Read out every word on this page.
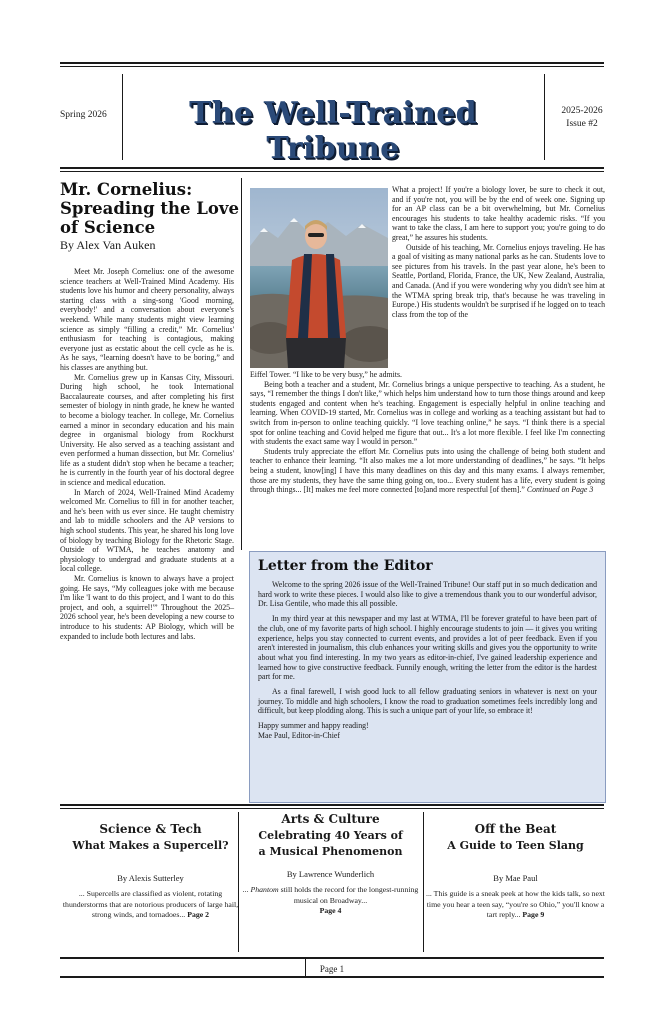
Spring 2026	The Well-Trained Tribune
2025-2026
Issue #2
Mr. Cornelius: Spreading the Love of Science
By Alex Van Auken

Meet Mr. Joseph Cornelius: one of the awesome science teachers at Well-Trained Mind Academy. His students love his humor and cheery personality, always starting class with a sing-song 'Good morning, everybody!' and a conversation about everyone's weekend. While many students might view learning science as simply “filling a credit,” Mr. Cornelius' enthusiasm for teaching is contagious, making everyone just as ecstatic about the cell cycle as he is. As he says, “learning doesn't have to be boring,” and his classes are anything but.

Mr. Cornelius grew up in Kansas City, Missouri. During high school, he took International Baccalaureate courses, and after completing his first semester of biology in ninth grade, he knew he wanted to become a biology teacher. In college, Mr. Cornelius earned a minor in secondary education and his main degree in organismal biology from Rockhurst University. He also served as a teaching assistant and even performed a human dissection, but Mr. Cornelius' life as a student didn't stop when he became a teacher; he is currently in the fourth year of his doctoral degree in science and medical education.

In March of 2024, Well-Trained Mind Academy welcomed Mr. Cornelius to fill in for another teacher, and he's been with us ever since. He taught chemistry and lab to middle schoolers and the AP versions to high school students. This year, he shared his long love of biology by teaching Biology for the Rhetoric Stage. Outside of WTMA, he teaches anatomy and physiology to undergrad and graduate students at a local college.

Mr. Cornelius is known to always have a project going. He says, “My colleagues joke with me because I'm like 'I want to do this project, and I want to do this project, and ooh, a squirrel!'” Throughout the 2025–2026 school year, he's been developing a new course to introduce to his students: AP Biology, which will be expanded to include both lectures and labs.

What a project! If you're a biology lover, be sure to check it out, and if you're not, you will be by the end of week one. Signing up for an AP class can be a bit overwhelming, but Mr. Cornelius encourages his students to take healthy academic risks. “If you want to take the class, I am here to support you; you're going to do great,” he assures his students.

Outside of his teaching, Mr. Cornelius enjoys traveling. He has a goal of visiting as many national parks as he can. Students love to see pictures from his travels. In the past year alone, he's been to Seattle, Portland, Florida, France, the UK, New Zealand, Australia, and Canada. (And if you were wondering why you didn't see him at the WTMA spring break trip, that's because he was traveling in Europe.) His students wouldn't be surprised if he logged on to teach class from the top of the

Eiffel Tower. “I like to be very busy,” he admits.

Being both a teacher and a student, Mr. Cornelius brings a unique perspective to teaching. As a student, he says, “I remember the things I don't like,” which helps him understand how to turn those things around and keep students engaged and content when he's teaching. Engagement is especially helpful in online teaching and learning. When COVID-19 started, Mr. Cornelius was in college and working as a teaching assistant but had to switch from in-person to online teaching quickly. “I love teaching online,” he says. “I think there is a special spot for online teaching and Covid helped me figure that out... It's a lot more flexible. I feel like I'm connecting with students the exact same way I would in person.”

Students truly appreciate the effort Mr. Cornelius puts into using the challenge of being both student and teacher to enhance their learning. “It also makes me a lot more understanding of deadlines,” he says. “It helps being a student, know[ing] I have this many deadlines on this day and this many exams. I always remember, those are my students, they have the same thing going on, too... Every student has a life, every student is going through things... [It] makes me feel more connected [to]and more respectful [of them].” Continued on Page 3

Letter from the Editor

Welcome to the spring 2026 issue of the Well-Trained Tribune! Our staff put in so much dedication and hard work to write these pieces. I would also like to give a tremendous thank you to our wonderful advisor, Dr. Lisa Gentile, who made this all possible.

In my third year at this newspaper and my last at WTMA, I'll be forever grateful to have been part of the club, one of my favorite parts of high school. I highly encourage students to join — it gives you writing experience, helps you stay connected to current events, and provides a lot of peer feedback. Even if you aren't interested in journalism, this club enhances your writing skills and gives you the opportunity to write about what you find interesting. In my two years as editor-in-chief, I've gained leadership experience and learned how to give constructive feedback. Funnily enough, writing the letter from the editor is the hardest part for me.

As a final farewell, I wish good luck to all fellow graduating seniors in whatever is next on your journey. To middle and high schoolers, I know the road to graduation sometimes feels incredibly long and difficult, but keep plodding along. This is such a unique part of your life, so embrace it!

Happy summer and happy reading!

Mae Paul, Editor-in-Chief

Science & Tech
What Makes a Supercell?
By Alexis Sutterley
... Supercells are classified as violent, rotating thunderstorms that are notorious producers of large hail, strong winds, and tornadoes... Page 2
Arts & Culture
Celebrating 40 Years of a Musical Phenomenon
By Lawrence Wunderlich
... Phantom still holds the record for the longest-running musical on Broadway...
Page 4
Off the Beat
A Guide to Teen Slang
By Mae Paul
... This guide is a sneak peek at how the kids talk, so next time you hear a teen say, “you're so Ohio,” you'll know a tart reply... Page 9
Page 1
